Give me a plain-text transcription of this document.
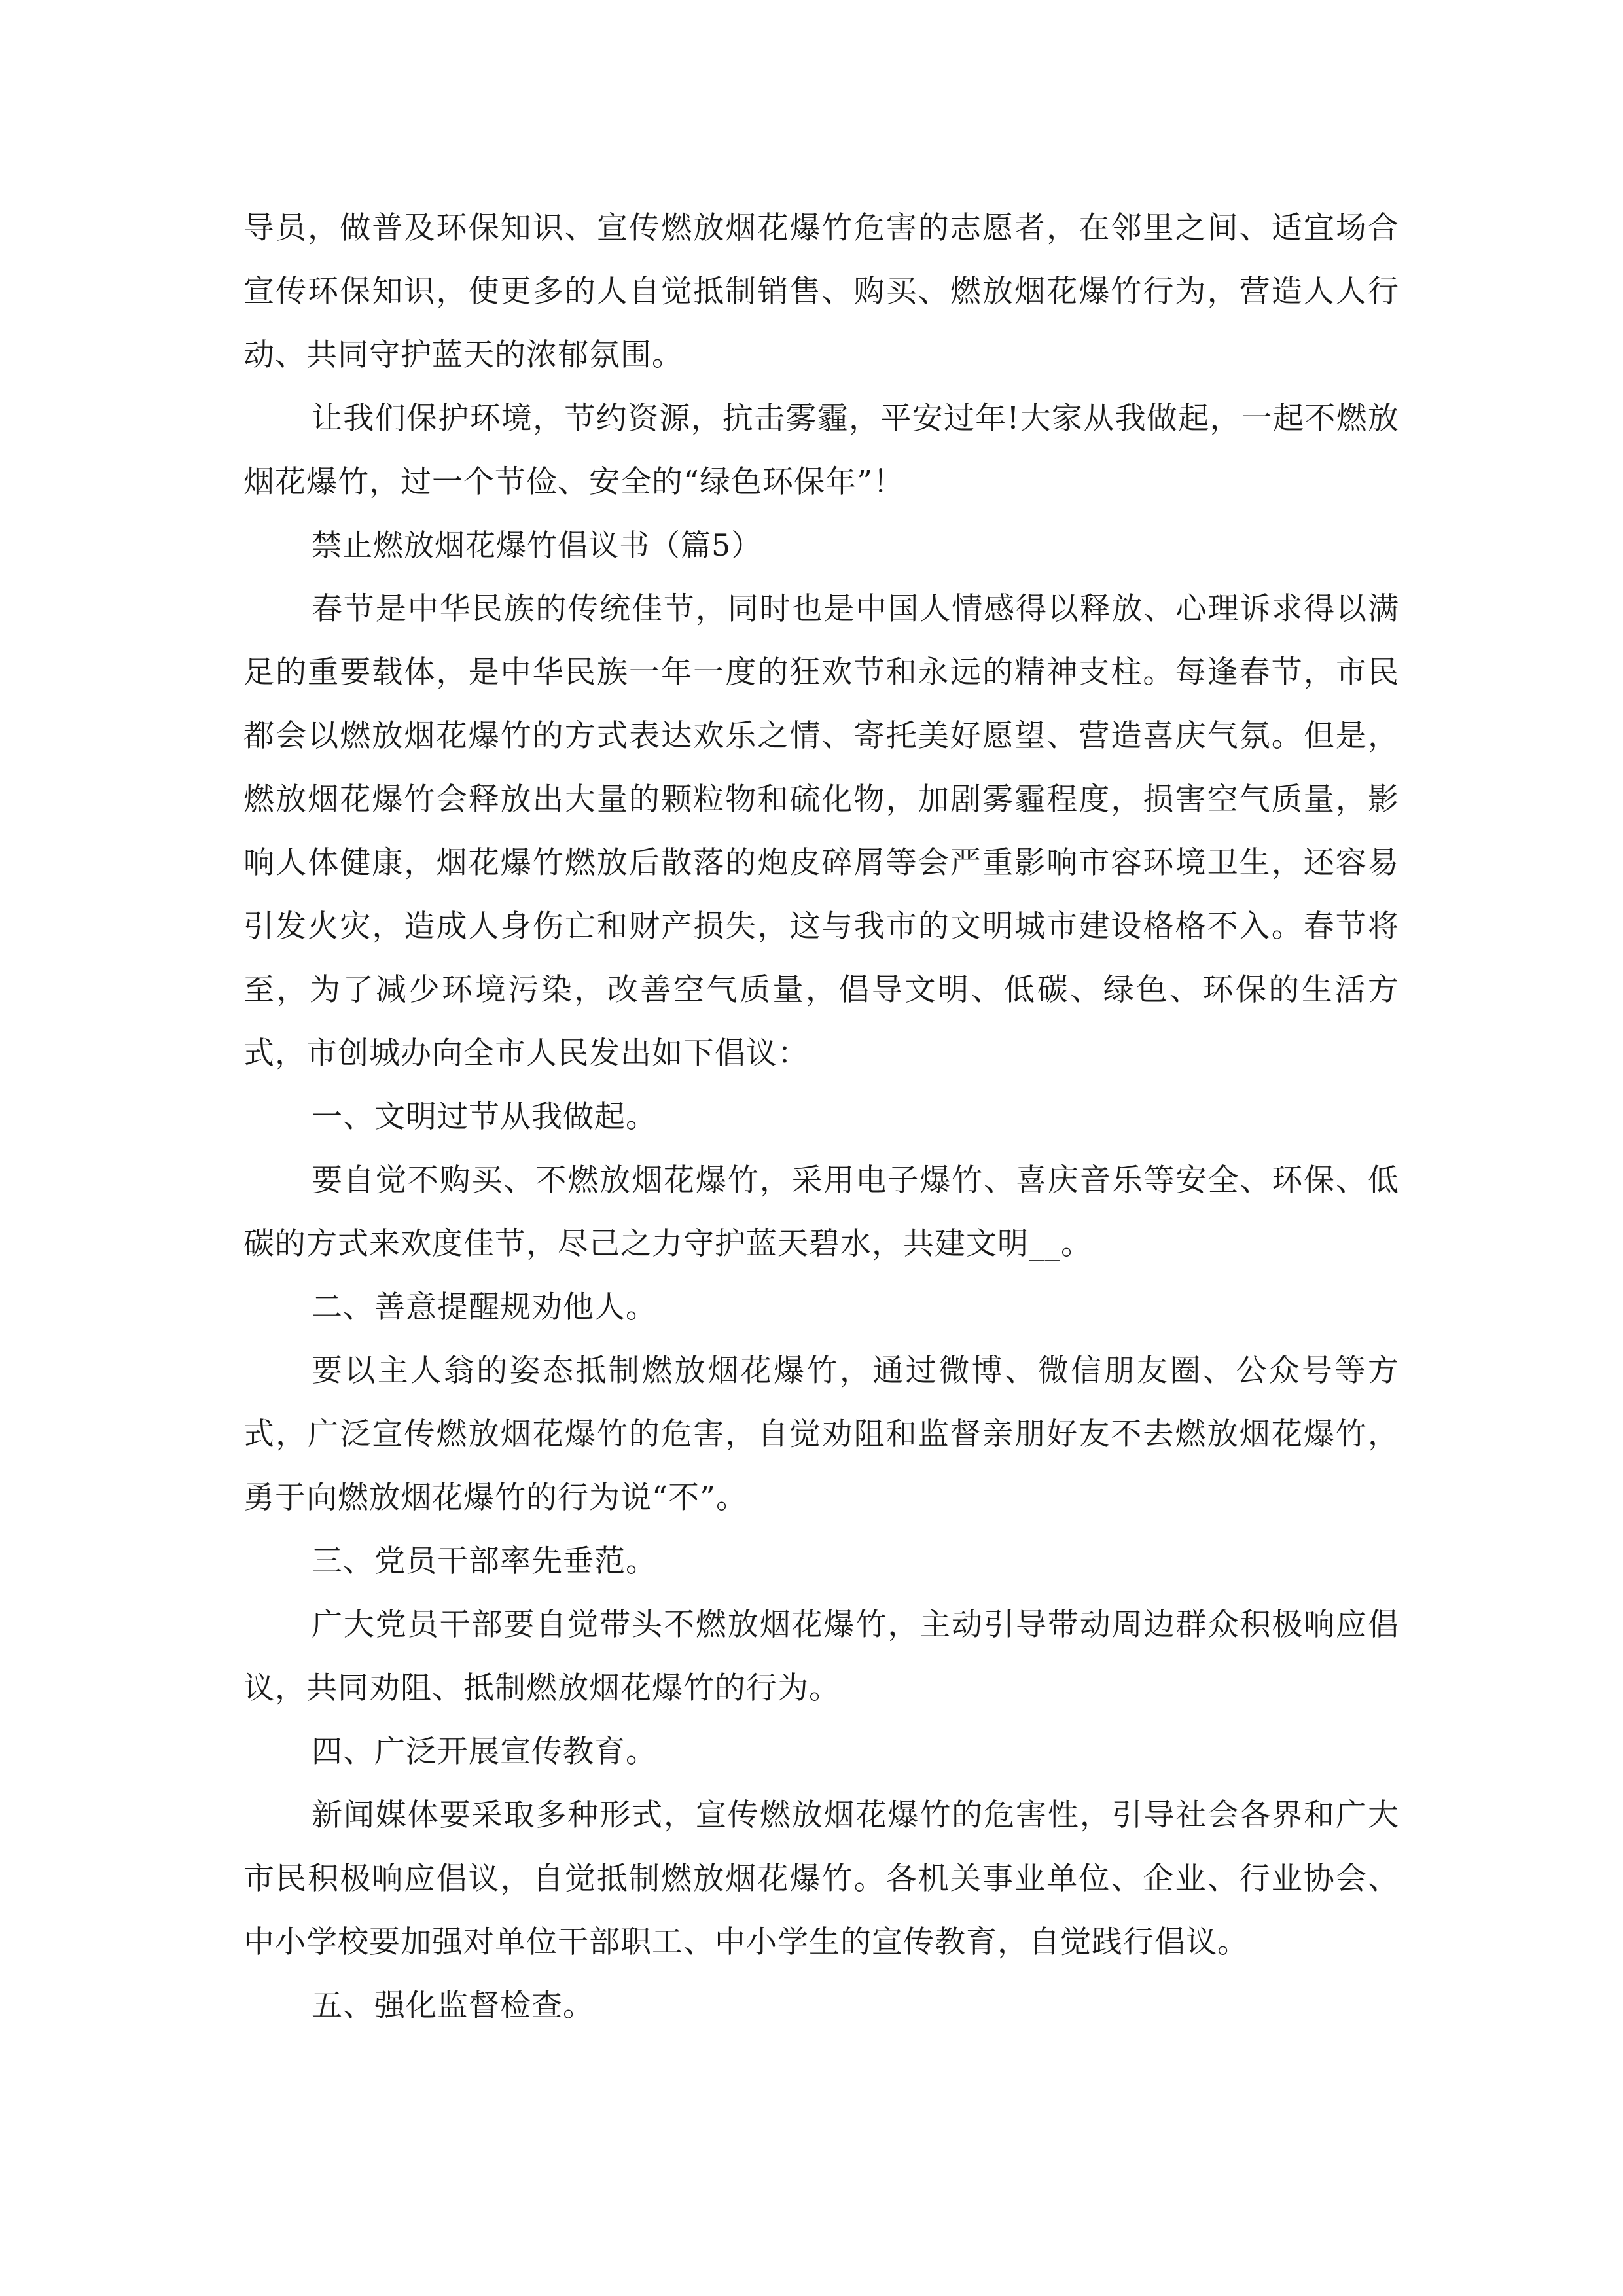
导员，做普及环保知识、宣传燃放烟花爆竹危害的志愿者，在邻里之间、适宜场合宣传环保知识，使更多的人自觉抵制销售、购买、燃放烟花爆竹行为，营造人人行动、共同守护蓝天的浓郁氛围。

让我们保护环境，节约资源，抗击雾霾，平安过年!大家从我做起，一起不燃放烟花爆竹，过一个节俭、安全的“绿色环保年”！

禁止燃放烟花爆竹倡议书（篇5）

春节是中华民族的传统佳节，同时也是中国人情感得以释放、心理诉求得以满足的重要载体，是中华民族一年一度的狂欢节和永远的精神支柱。每逢春节，市民都会以燃放烟花爆竹的方式表达欢乐之情、寄托美好愿望、营造喜庆气氛。但是，燃放烟花爆竹会释放出大量的颗粒物和硫化物，加剧雾霾程度，损害空气质量，影响人体健康，烟花爆竹燃放后散落的炮皮碎屑等会严重影响市容环境卫生，还容易引发火灾，造成人身伤亡和财产损失，这与我市的文明城市建设格格不入。春节将至，为了减少环境污染，改善空气质量，倡导文明、低碳、绿色、环保的生活方式，市创城办向全市人民发出如下倡议：

一、文明过节从我做起。

要自觉不购买、不燃放烟花爆竹，采用电子爆竹、喜庆音乐等安全、环保、低碳的方式来欢度佳节，尽己之力守护蓝天碧水，共建文明__。

二、善意提醒规劝他人。

要以主人翁的姿态抵制燃放烟花爆竹，通过微博、微信朋友圈、公众号等方式，广泛宣传燃放烟花爆竹的危害，自觉劝阻和监督亲朋好友不去燃放烟花爆竹，勇于向燃放烟花爆竹的行为说“不”。

三、党员干部率先垂范。

广大党员干部要自觉带头不燃放烟花爆竹，主动引导带动周边群众积极响应倡议，共同劝阻、抵制燃放烟花爆竹的行为。

四、广泛开展宣传教育。

新闻媒体要采取多种形式，宣传燃放烟花爆竹的危害性，引导社会各界和广大市民积极响应倡议，自觉抵制燃放烟花爆竹。各机关事业单位、企业、行业协会、中小学校要加强对单位干部职工、中小学生的宣传教育，自觉践行倡议。

五、强化监督检查。
